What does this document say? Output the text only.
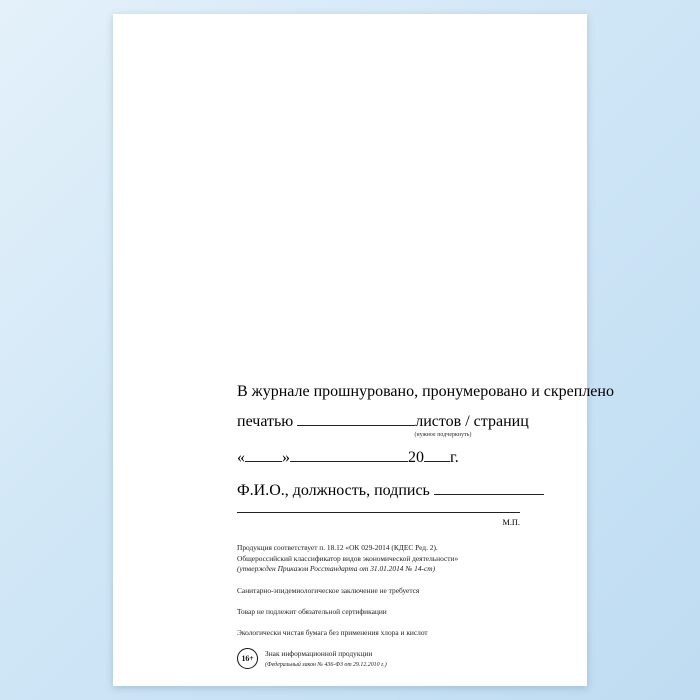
В журнале прошнуровано, пронумеровано и скреплено

печатью	листов / страниц
(нужное подчеркнуть)

« »	20 г.

Ф.И.О., должность, подпись

М.П.
Продукция соответствует п. 18.12 «ОК 029-2014 (КДЕС Ред. 2).
Общероссийский классификатор видов экономической деятельности»
(утвержден Приказом Росстандарта от 31.01.2014 № 14-ст)
Санитарно-эпидемиологическое заключение не требуется
Товар не подлежит обязательной сертификации
Экологически чистая бумага без применения хлора и кислот
16+
Знак информационной продукции
(Федеральный закон № 436-ФЗ от 29.12.2010 г.)
